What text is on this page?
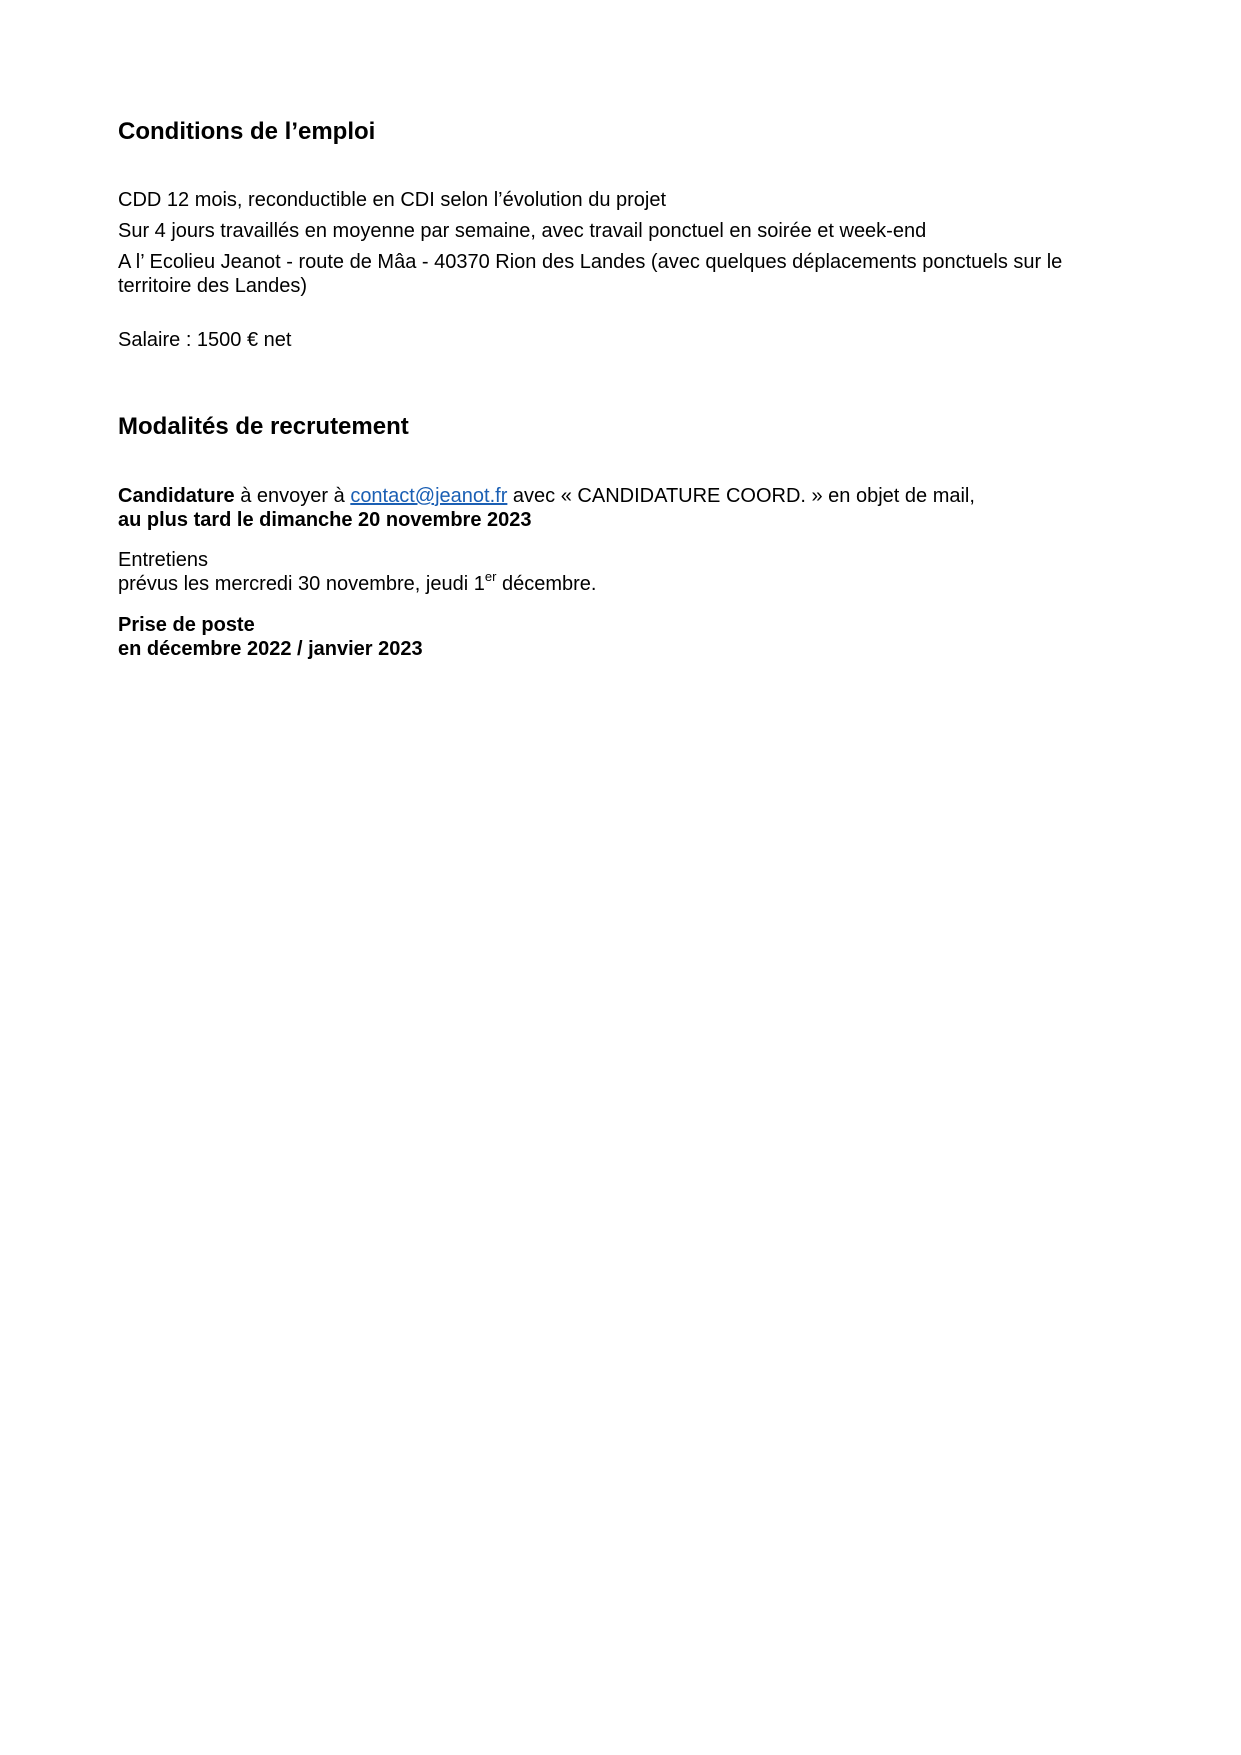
Conditions de l’emploi
CDD 12 mois, reconductible en CDI selon l’évolution du projet
Sur 4 jours travaillés en moyenne par semaine, avec travail ponctuel en soirée et week-end
A l’ Ecolieu Jeanot - route de Mâa - 40370 Rion des Landes (avec quelques déplacements ponctuels sur le
territoire des Landes)
Salaire : 1500 € net
Modalités de recrutement
Candidature à envoyer à contact@jeanot.fr avec « CANDIDATURE COORD. » en objet de mail,
au plus tard le dimanche 20 novembre 2023
Entretiens
prévus les mercredi 30 novembre, jeudi 1er décembre.
Prise de poste
en décembre 2022 / janvier 2023
